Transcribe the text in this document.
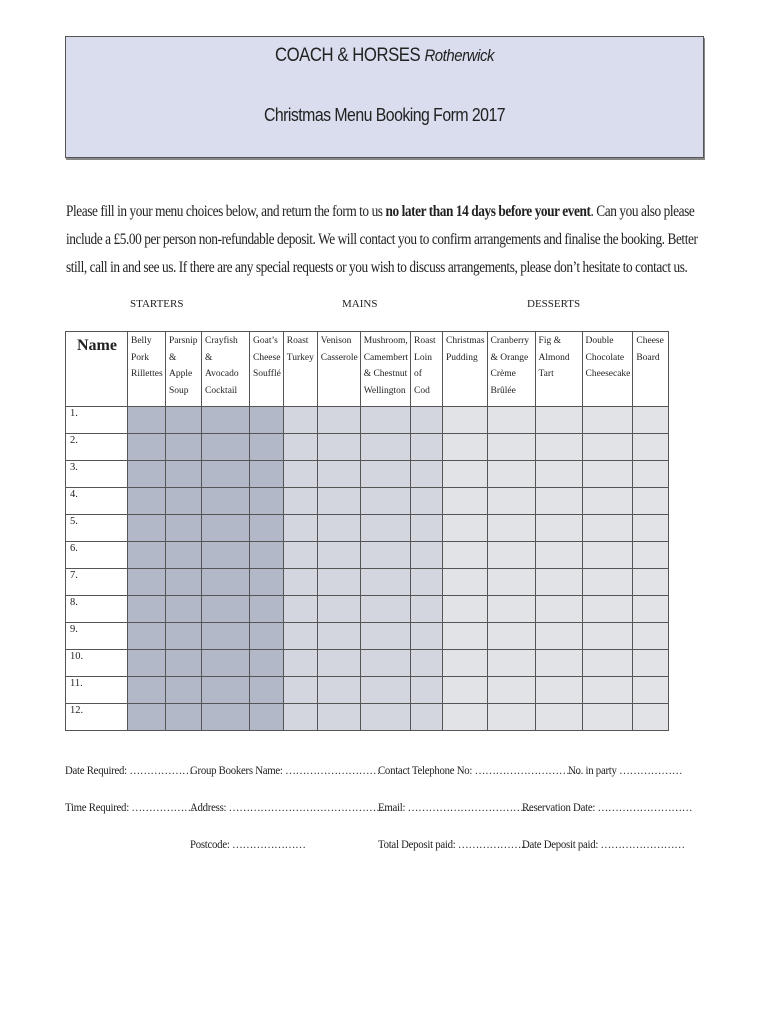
COACH & HORSES Rotherwick
Christmas Menu Booking Form 2017
Please fill in your menu choices below, and return the form to us no later than 14 days before your event. Can you also please include a £5.00 per person non-refundable deposit. We will contact you to confirm arrangements and finalise the booking. Better still, call in and see us. If there are any special requests or you wish to discuss arrangements, please don’t hesitate to contact us.
STARTERS	MAINS	DESSERTS
Name	Belly Pork Rillettes	Parsnip & Apple Soup	Crayfish & Avocado Cocktail	Goat’s Cheese Soufflé	Roast Turkey	Venison Casserole	Mushroom, Camembert & Chestnut Wellington	Roast Loin of Cod	Christmas Pudding	Cranberry & Orange Crème Brûlée	Fig & Almond Tart	Double Chocolate Cheesecake	Cheese Board
1.													
2.													
3.													
4.													
5.													
6.													
7.													
8.													
9.													
10.													
11.													
12.													
Date Required: ………………
Group Bookers Name: ………………………
Contact Telephone No: …………………………
No. in party ………………
Time Required: ………………
Address: ………………………………………
Email: ………………………………
Reservation Date: ………………………
Postcode: …………………	Total Deposit paid: ………………..
Date Deposit paid: ……………………
